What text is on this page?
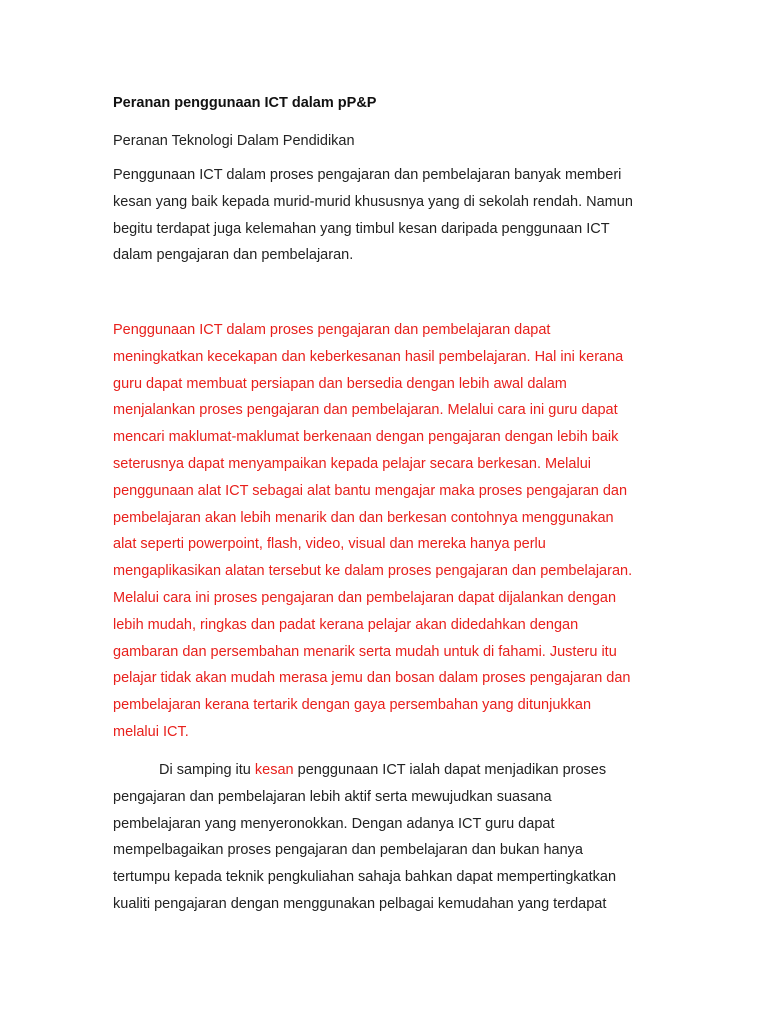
Peranan penggunaan ICT dalam pP&P

Peranan Teknologi Dalam Pendidikan

Penggunaan ICT dalam proses pengajaran dan pembelajaran banyak memberi
kesan yang baik kepada murid-murid khususnya yang di sekolah rendah. Namun
begitu terdapat juga kelemahan yang timbul kesan daripada penggunaan ICT
dalam pengajaran dan pembelajaran.

Penggunaan ICT dalam proses pengajaran dan pembelajaran dapat
meningkatkan kecekapan dan keberkesanan hasil pembelajaran. Hal ini kerana
guru dapat membuat persiapan dan bersedia dengan lebih awal dalam
menjalankan proses pengajaran dan pembelajaran. Melalui cara ini guru dapat
mencari maklumat-maklumat berkenaan dengan pengajaran dengan lebih baik
seterusnya dapat menyampaikan kepada pelajar secara berkesan. Melalui
penggunaan alat ICT sebagai alat bantu mengajar maka proses pengajaran dan
pembelajaran akan lebih menarik dan dan berkesan contohnya menggunakan
alat seperti powerpoint, flash, video, visual dan mereka hanya perlu
mengaplikasikan alatan tersebut ke dalam proses pengajaran dan pembelajaran.
Melalui cara ini proses pengajaran dan pembelajaran dapat dijalankan dengan
lebih mudah, ringkas dan padat kerana pelajar akan didedahkan dengan
gambaran dan persembahan menarik serta mudah untuk di fahami. Justeru itu
pelajar tidak akan mudah merasa jemu dan bosan dalam proses pengajaran dan
pembelajaran kerana tertarik dengan gaya persembahan yang ditunjukkan
melalui ICT.

Di samping itu kesan penggunaan ICT ialah dapat menjadikan proses
pengajaran dan pembelajaran lebih aktif serta mewujudkan suasana
pembelajaran yang menyeronokkan. Dengan adanya ICT guru dapat
mempelbagaikan proses pengajaran dan pembelajaran dan bukan hanya
tertumpu kepada teknik pengkuliahan sahaja bahkan dapat mempertingkatkan
kualiti pengajaran dengan menggunakan pelbagai kemudahan yang terdapat
